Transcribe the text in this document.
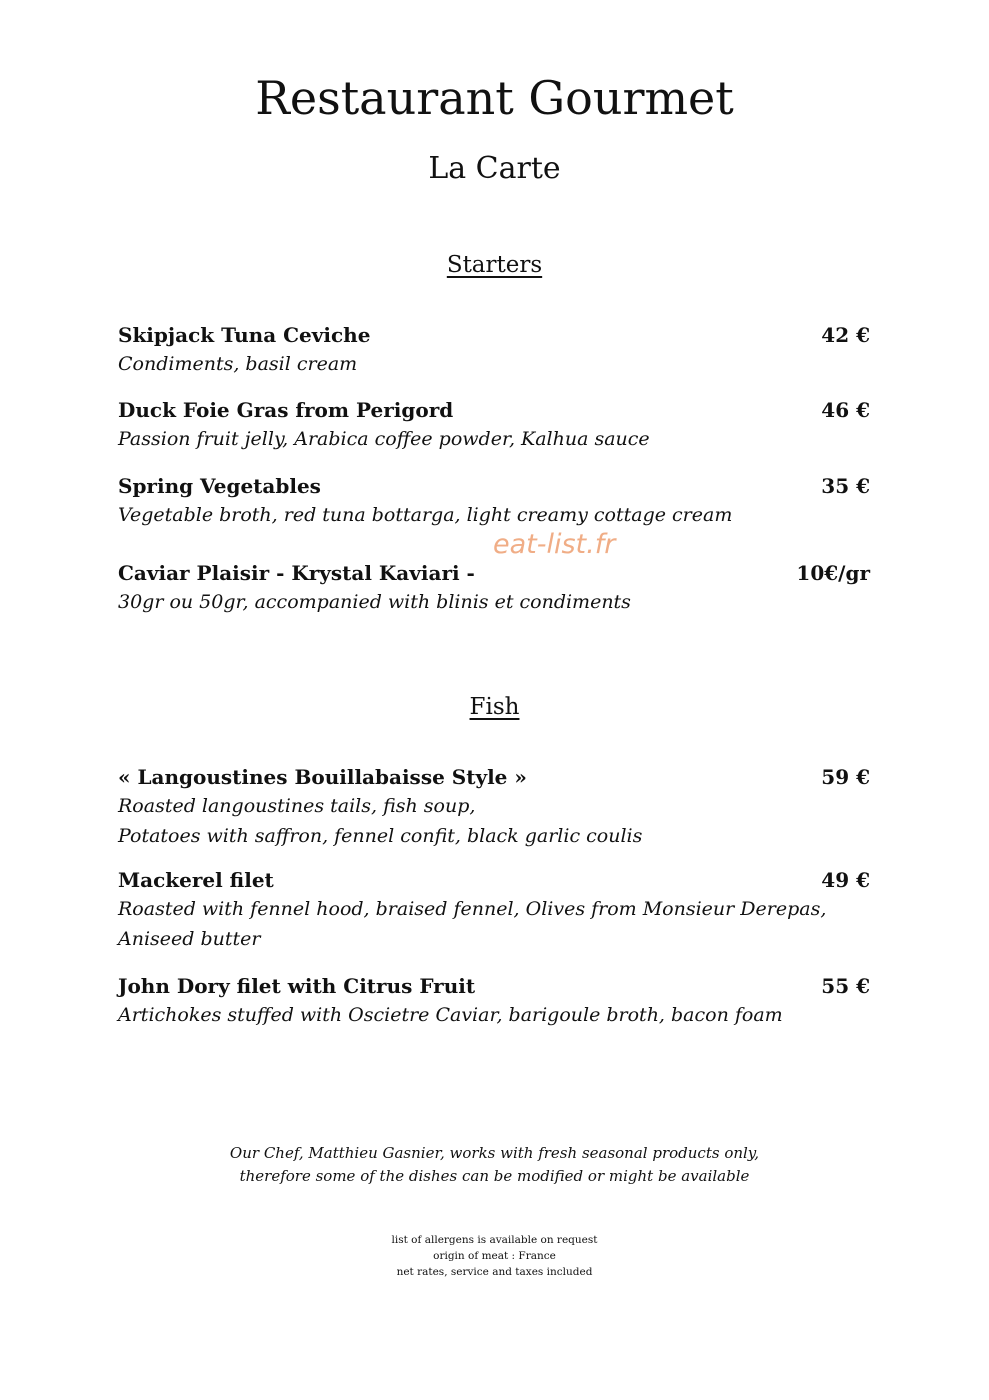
Restaurant Gourmet
La Carte
Starters
Skipjack Tuna Ceviche	42 €
Condiments, basil cream
Duck Foie Gras from Perigord	46 €
Passion fruit jelly, Arabica coffee powder, Kalhua sauce
Spring Vegetables	35 €
Vegetable broth, red tuna bottarga, light creamy cottage cream
eat-list.fr
Caviar Plaisir - Krystal Kaviari -	10€/gr
30gr ou 50gr, accompanied with blinis et condiments
Fish
« Langoustines Bouillabaisse Style »	59 €
Roasted langoustines tails, fish soup,
Potatoes with saffron, fennel confit, black garlic coulis
Mackerel filet	49 €
Roasted with fennel hood, braised fennel, Olives from Monsieur Derepas,
Aniseed butter
John Dory filet with Citrus Fruit	55 €
Artichokes stuffed with Oscietre Caviar, barigoule broth, bacon foam
Our Chef, Matthieu Gasnier, works with fresh seasonal products only,
therefore some of the dishes can be modified or might be available
list of allergens is available on request
origin of meat : France
net rates, service and taxes included
